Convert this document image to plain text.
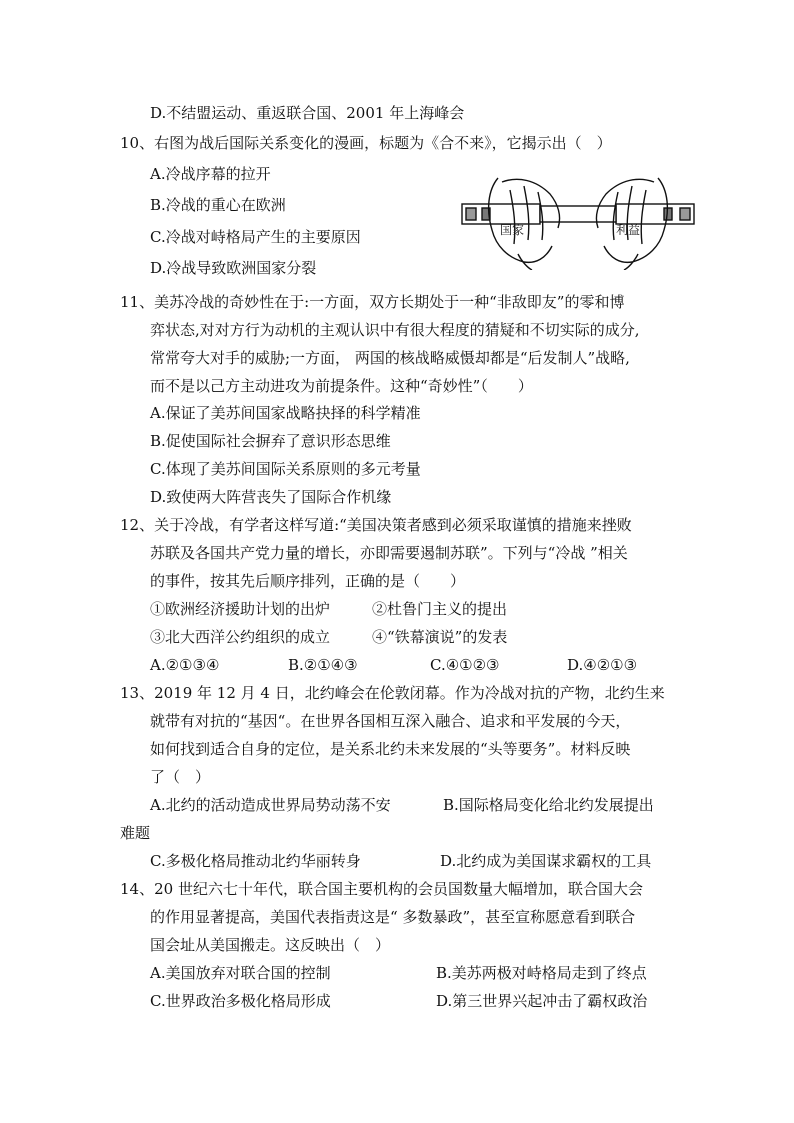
D.不结盟运动、重返联合国、2001 年上海峰会
10、右图为战后国际关系变化的漫画，标题为《合不来》，它揭示出（　）
A.冷战序幕的拉开
B.冷战的重心在欧洲
C.冷战对峙格局产生的主要原因
D.冷战导致欧洲国家分裂
国家	利益
11、美苏冷战的奇妙性在于:一方面，双方长期处于一种“非敌即友”的零和博
弈状态,对对方行为动机的主观认识中有很大程度的猜疑和不切实际的成分,
常常夸大对手的威胁;一方面， 两国的核战略威慑却都是“后发制人”战略,
而不是以己方主动进攻为前提条件。这种“奇妙性”（　　）
A.保证了美苏间国家战略抉择的科学精准
B.促使国际社会摒弃了意识形态思维
C.体现了美苏间国际关系原则的多元考量
D.致使两大阵营丧失了国际合作机缘
12、关于冷战，有学者这样写道:“美国决策者感到必须采取谨慎的措施来挫败
苏联及各国共产党力量的增长，亦即需要遏制苏联”。下列与“冷战 ”相关
的事件，按其先后顺序排列，正确的是（　　）
①欧洲经济援助计划的出炉	②杜鲁门主义的提出
③北大西洋公约组织的成立	④“铁幕演说”的发表
A.②①③④	B.②①④③	C.④①②③	D.④②①③
13、2019 年 12 月 4 日，北约峰会在伦敦闭幕。作为冷战对抗的产物，北约生来
就带有对抗的“基因“。在世界各国相互深入融合、追求和平发展的今天，
如何找到适合自身的定位，是关系北约未来发展的“头等要务”。材料反映
了（　）
A.北约的活动造成世界局势动荡不安	B.国际格局变化给北约发展提出
难题
C.多极化格局推动北约华丽转身	D.北约成为美国谋求霸权的工具
14、20 世纪六七十年代，联合国主要机构的会员国数量大幅增加，联合国大会
的作用显著提高，美国代表指责这是“ 多数暴政”，甚至宣称愿意看到联合
国会址从美国搬走。这反映出（　）
A.美国放弃对联合国的控制	B.美苏两极对峙格局走到了终点
C.世界政治多极化格局形成	D.第三世界兴起冲击了霸权政治
